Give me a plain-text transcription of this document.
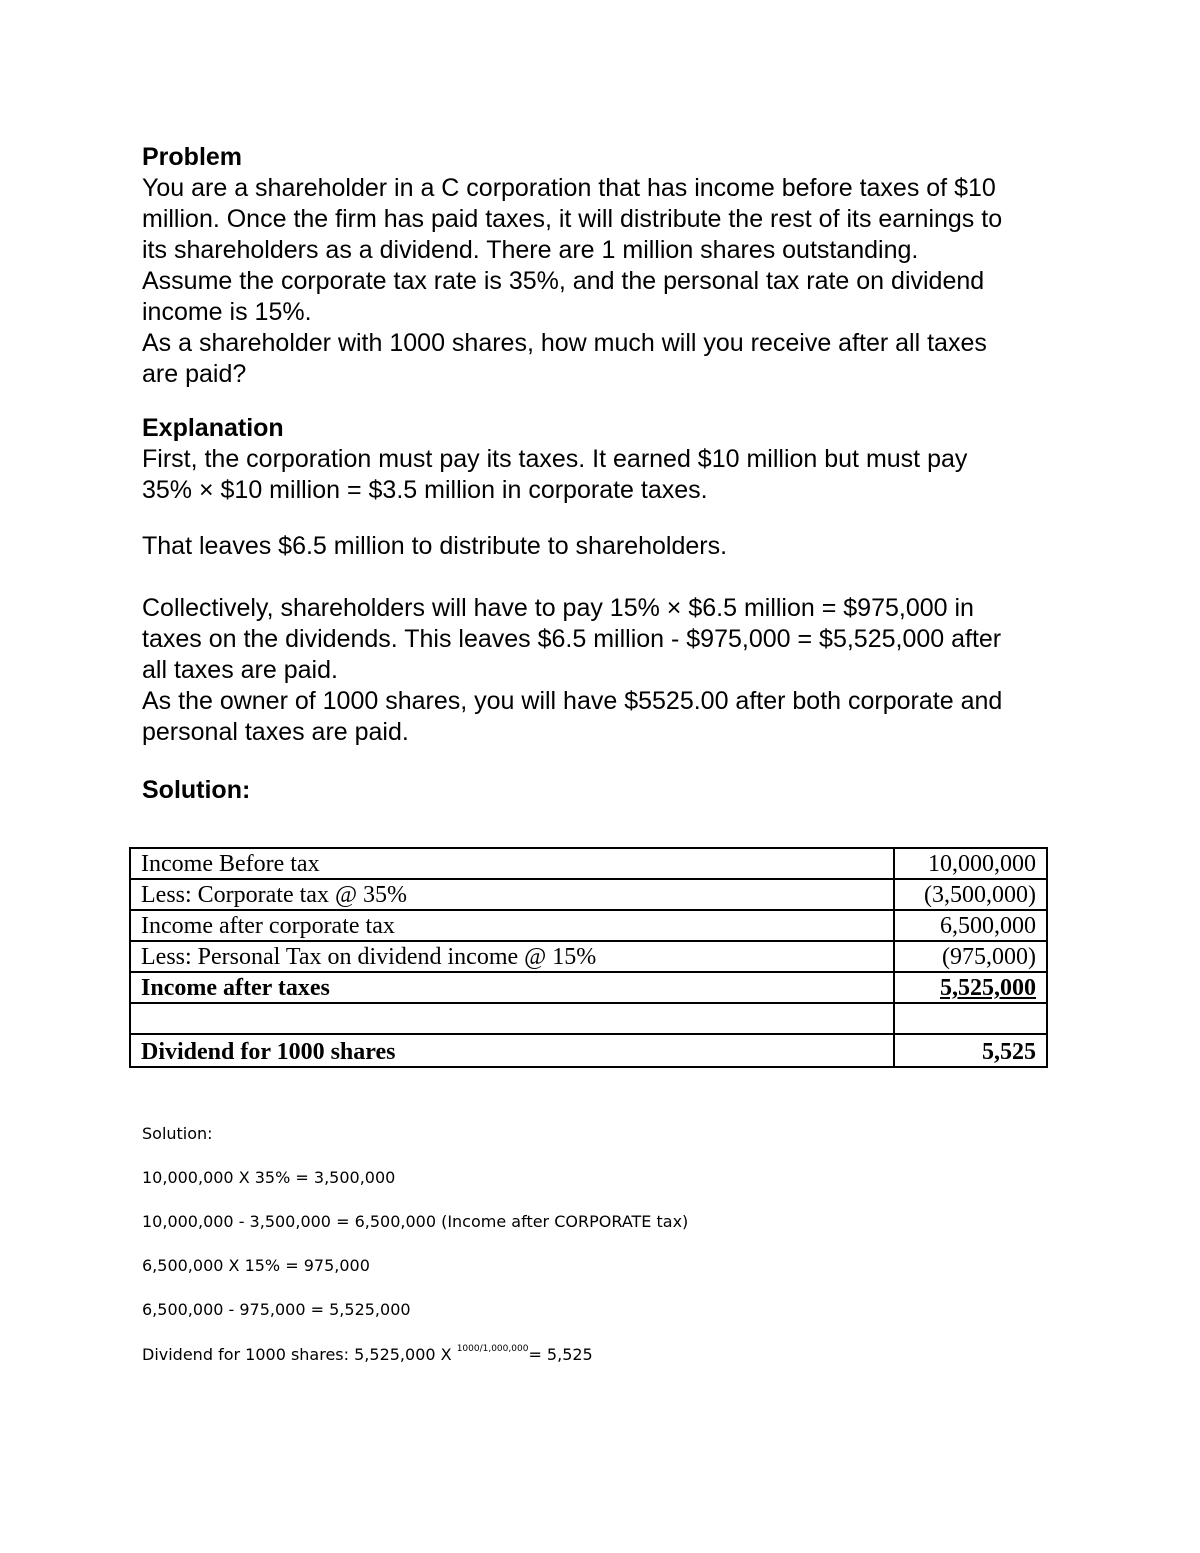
Problem

You are a shareholder in a C corporation that has income before taxes of $10

million. Once the firm has paid taxes, it will distribute the rest of its earnings to

its shareholders as a dividend. There are 1 million shares outstanding.

Assume the corporate tax rate is 35%, and the personal tax rate on dividend

income is 15%.

As a shareholder with 1000 shares, how much will you receive after all taxes

are paid?

Explanation

First, the corporation must pay its taxes. It earned $10 million but must pay

35% × $10 million = $3.5 million in corporate taxes.

That leaves $6.5 million to distribute to shareholders.

Collectively, shareholders will have to pay 15% × $6.5 million = $975,000 in

taxes on the dividends. This leaves $6.5 million - $975,000 = $5,525,000 after

all taxes are paid.

As the owner of 1000 shares, you will have $5525.00 after both corporate and

personal taxes are paid.

Solution:

Income Before tax	10,000,000
Less: Corporate tax @ 35%	(3,500,000)
Income after corporate tax	6,500,000
Less: Personal Tax on dividend income @ 15%	(975,000)
Income after taxes	5,525,000

Dividend for 1000 shares	5,525
Solution:
10,000,000 X 35% = 3,500,000
10,000,000 - 3,500,000 = 6,500,000 (Income after CORPORATE tax)
6,500,000 X 15% = 975,000
6,500,000 - 975,000 = 5,525,000
Dividend for 1000 shares: 5,525,000 X $^{1000/1,000,000}$= 5,525
